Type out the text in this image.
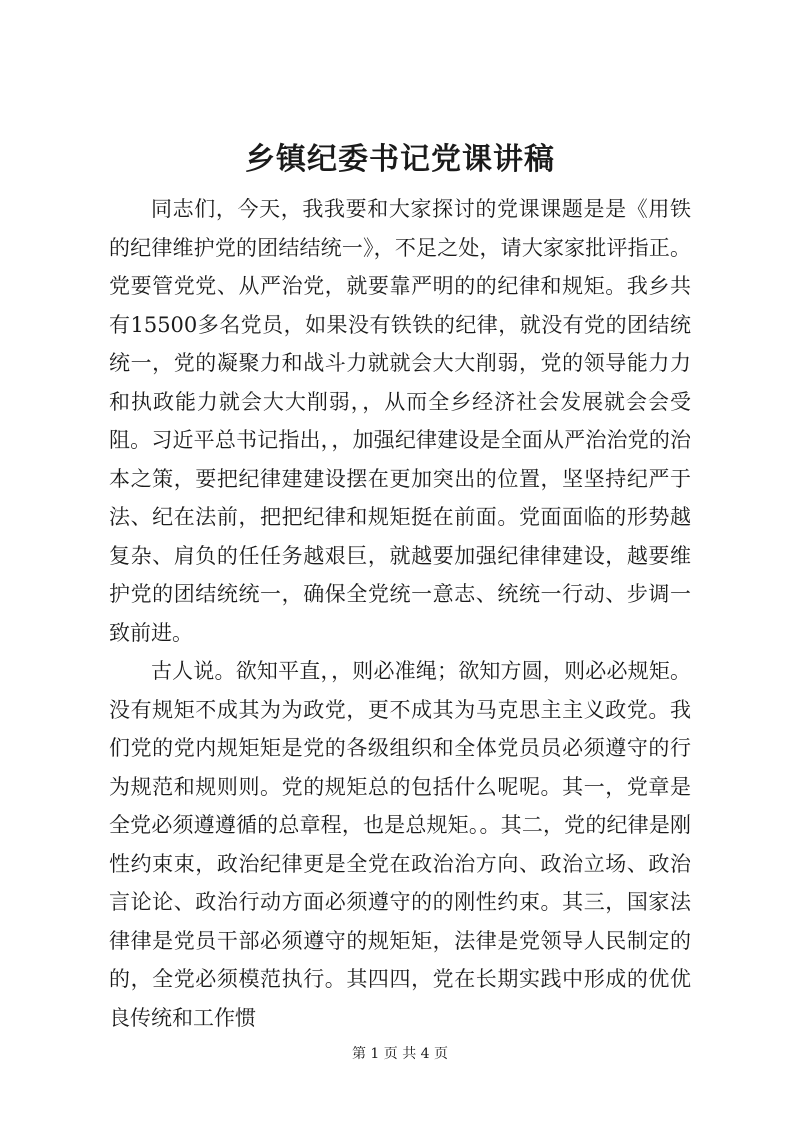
乡镇纪委书记党课讲稿

同志们，今天，我我要和大家探讨的党课课题是是《用铁的纪律维护党的团结结统一》，不足之处，请大家家批评指正。党要管党党、从严治党，就要靠严明的的纪律和规矩。我乡共有15500多名党员，如果没有铁铁的纪律，就没有党的团结统统一，党的凝聚力和战斗力就就会大大削弱，党的领导能力力和执政能力就会大大削弱，，从而全乡经济社会发展就会会受阻。习近平总书记指出，，加强纪律建设是全面从严治治党的治本之策，要把纪律建建设摆在更加突出的位置，坚坚持纪严于法、纪在法前，把把纪律和规矩挺在前面。党面面临的形势越复杂、肩负的任任务越艰巨，就越要加强纪律律建设，越要维护党的团结统统一，确保全党统一意志、统统一行动、步调一致前进。

古人说。欲知平直，，则必准绳；欲知方圆，则必必规矩。没有规矩不成其为为政党，更不成其为马克思主主义政党。我们党的党内规矩矩是党的各级组织和全体党员员必须遵守的行为规范和规则则。党的规矩总的包括什么呢呢。其一，党章是全党必须遵遵循的总章程，也是总规矩。。其二，党的纪律是刚性约束束，政治纪律更是全党在政治治方向、政治立场、政治言论论、政治行动方面必须遵守的的刚性约束。其三，国家法律律是党员干部必须遵守的规矩矩，法律是党领导人民制定的的，全党必须模范执行。其四四，党在长期实践中形成的优优良传统和工作惯

第 1 页 共 4 页
